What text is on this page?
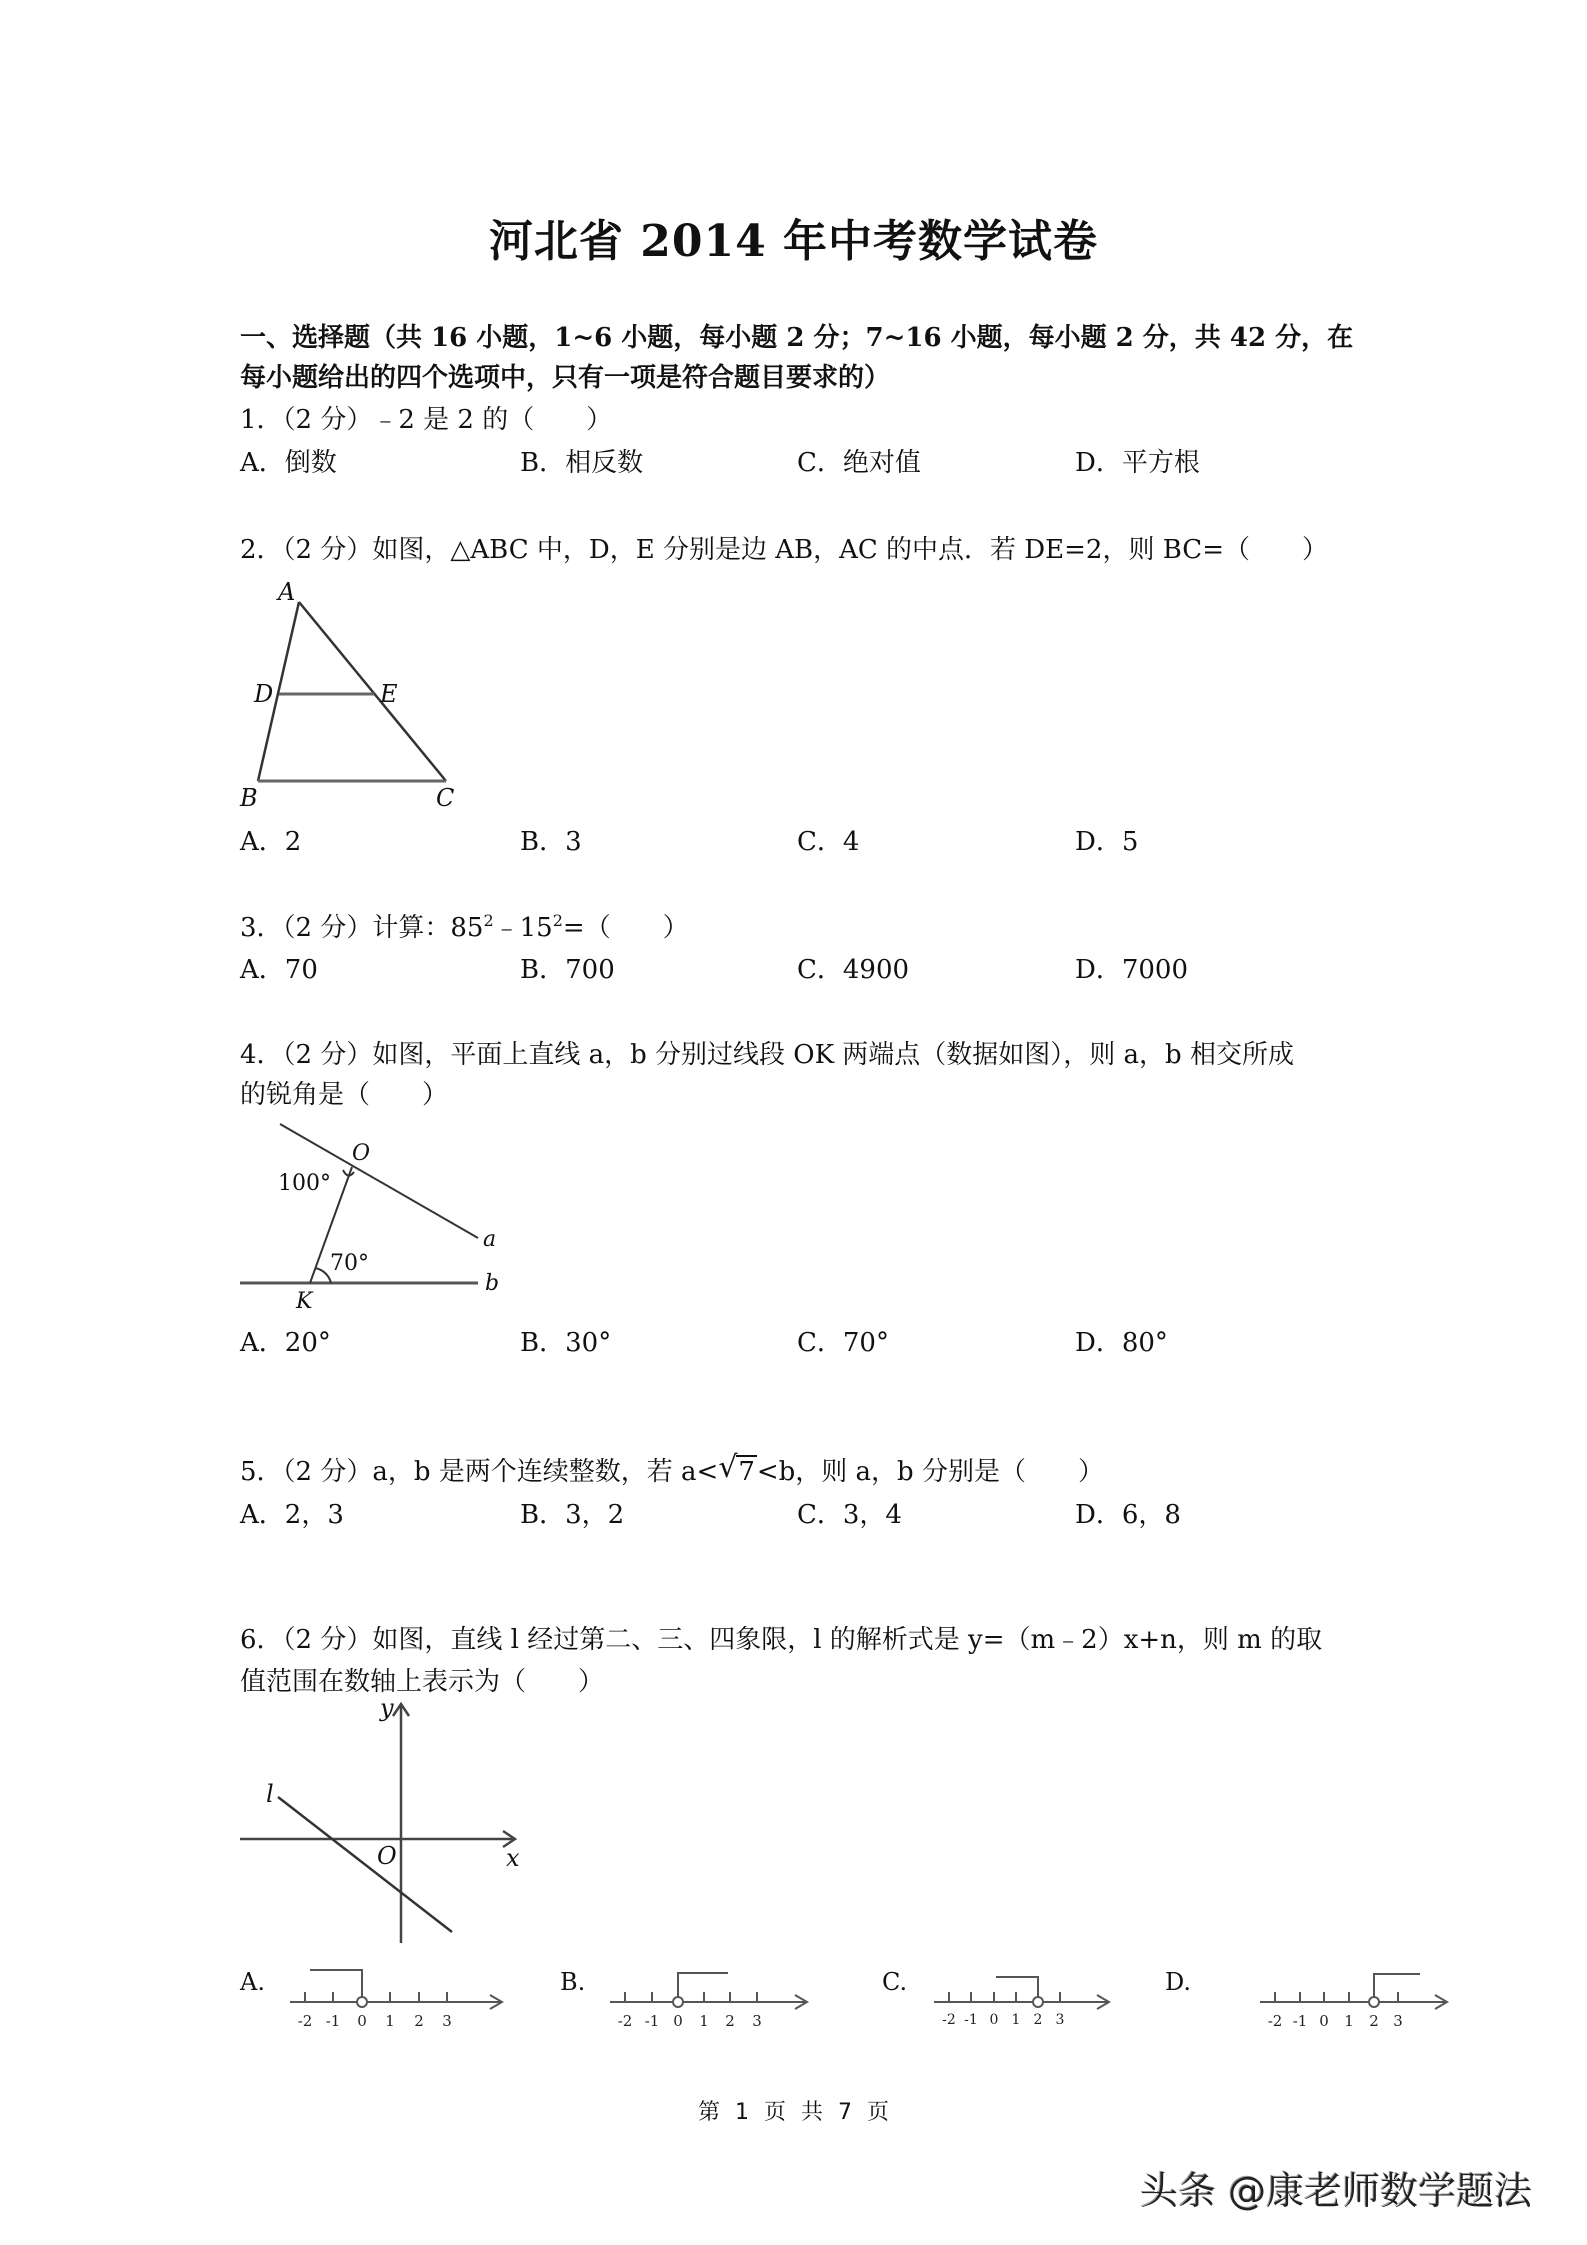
河北省 2014 年中考数学试卷
一、选择题（共 16 小题，1~6 小题，每小题 2 分；7~16 小题，每小题 2 分，共 42 分，在
每小题给出的四个选项中，只有一项是符合题目要求的）
1．（2 分）﹣2 是 2 的（　　）
A．倒数	B．相反数	C．绝对值	D．平方根
2．（2 分）如图，△ABC 中，D，E 分别是边 AB，AC 的中点．若 DE=2，则 BC=（　　）
A
B	C
D	E
A．2	B．3	C．4	D．5
3．（2 分）计算：$85^2﹣15^2=$（　　）
A．70	B．700	C．4900	D．7000
4．（2 分）如图，平面上直线 a，b 分别过线段 OK 两端点（数据如图），则 a，b 相交所成
的锐角是（　　）
O
K
a
b
100°
70°
A．20°	B．30°	C．70°	D．80°
5．（2 分）a，b 是两个连续整数，若 a< √ 7<b，则 a，b 分别是（　　）
A．2，3	B．3，2	C．3，4	D．6，8
6．（2 分）如图，直线 l 经过第二、三、四象限，l 的解析式是 y=（m﹣2）x+n，则 m 的取
值范围在数轴上表示为（　　）
y
x
O
l
A.
-2 -1 0 1 2 3
B.
-2 -1 0 1 2 3
C.
-2 -1 0 1 2 3
D.
-2 -1 0 1 2 3
第 1 页 共 7 页
头条 @康老师数学题法
